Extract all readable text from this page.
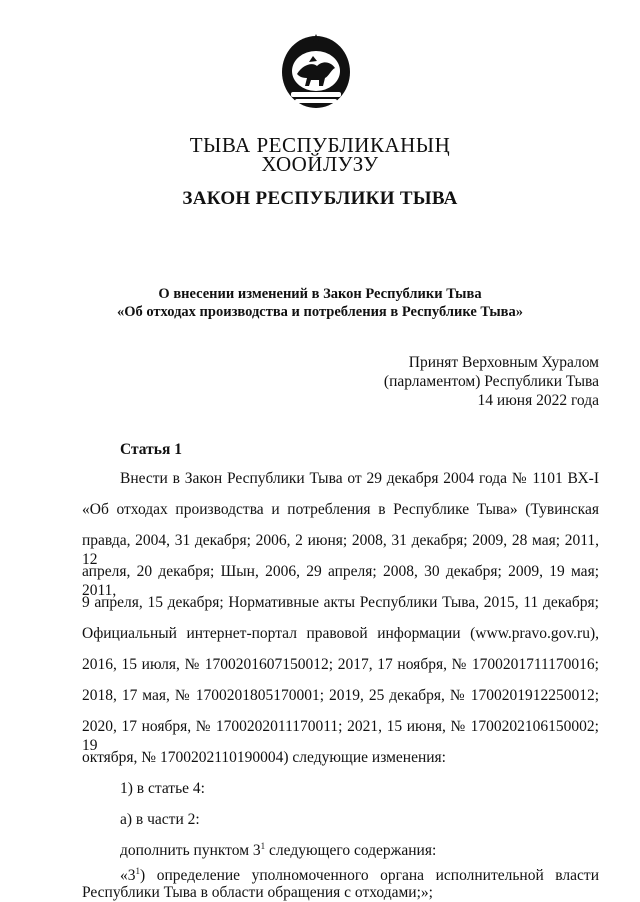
ТЫВА РЕСПУБЛИКАНЫҢ
ХООЙЛУЗУ
ЗАКОН РЕСПУБЛИКИ ТЫВА
О внесении изменений в Закон Республики Тыва
«Об отходах производства и потребления в Республике Тыва»
Принят Верховным Хуралом
(парламентом) Республики Тыва
14 июня 2022 года
Статья 1
Внести в Закон Республики Тыва от 29 декабря 2004 года № 1101 ВХ-I
«Об отходах производства и потребления в Республике Тыва» (Тувинская
правда, 2004, 31 декабря; 2006, 2 июня; 2008, 31 декабря; 2009, 28 мая; 2011, 12
апреля, 20 декабря; Шын, 2006, 29 апреля; 2008, 30 декабря; 2009, 19 мая; 2011,
9 апреля, 15 декабря; Нормативные акты Республики Тыва, 2015, 11 декабря;
Официальный интернет-портал правовой информации (www.pravo.gov.ru),
2016, 15 июля, № 1700201607150012; 2017, 17 ноября, № 1700201711170016;
2018, 17 мая, № 1700201805170001; 2019, 25 декабря, № 1700201912250012;
2020, 17 ноября, № 1700202011170011; 2021, 15 июня, № 1700202106150002; 19
октября, № 1700202110190004) следующие изменения:
1) в статье 4:
а) в части 2:
дополнить пунктом $3^1$ следующего содержания:
«$3^1$) определение уполномоченного органа исполнительной власти
Республики Тыва в области обращения с отходами;»;
